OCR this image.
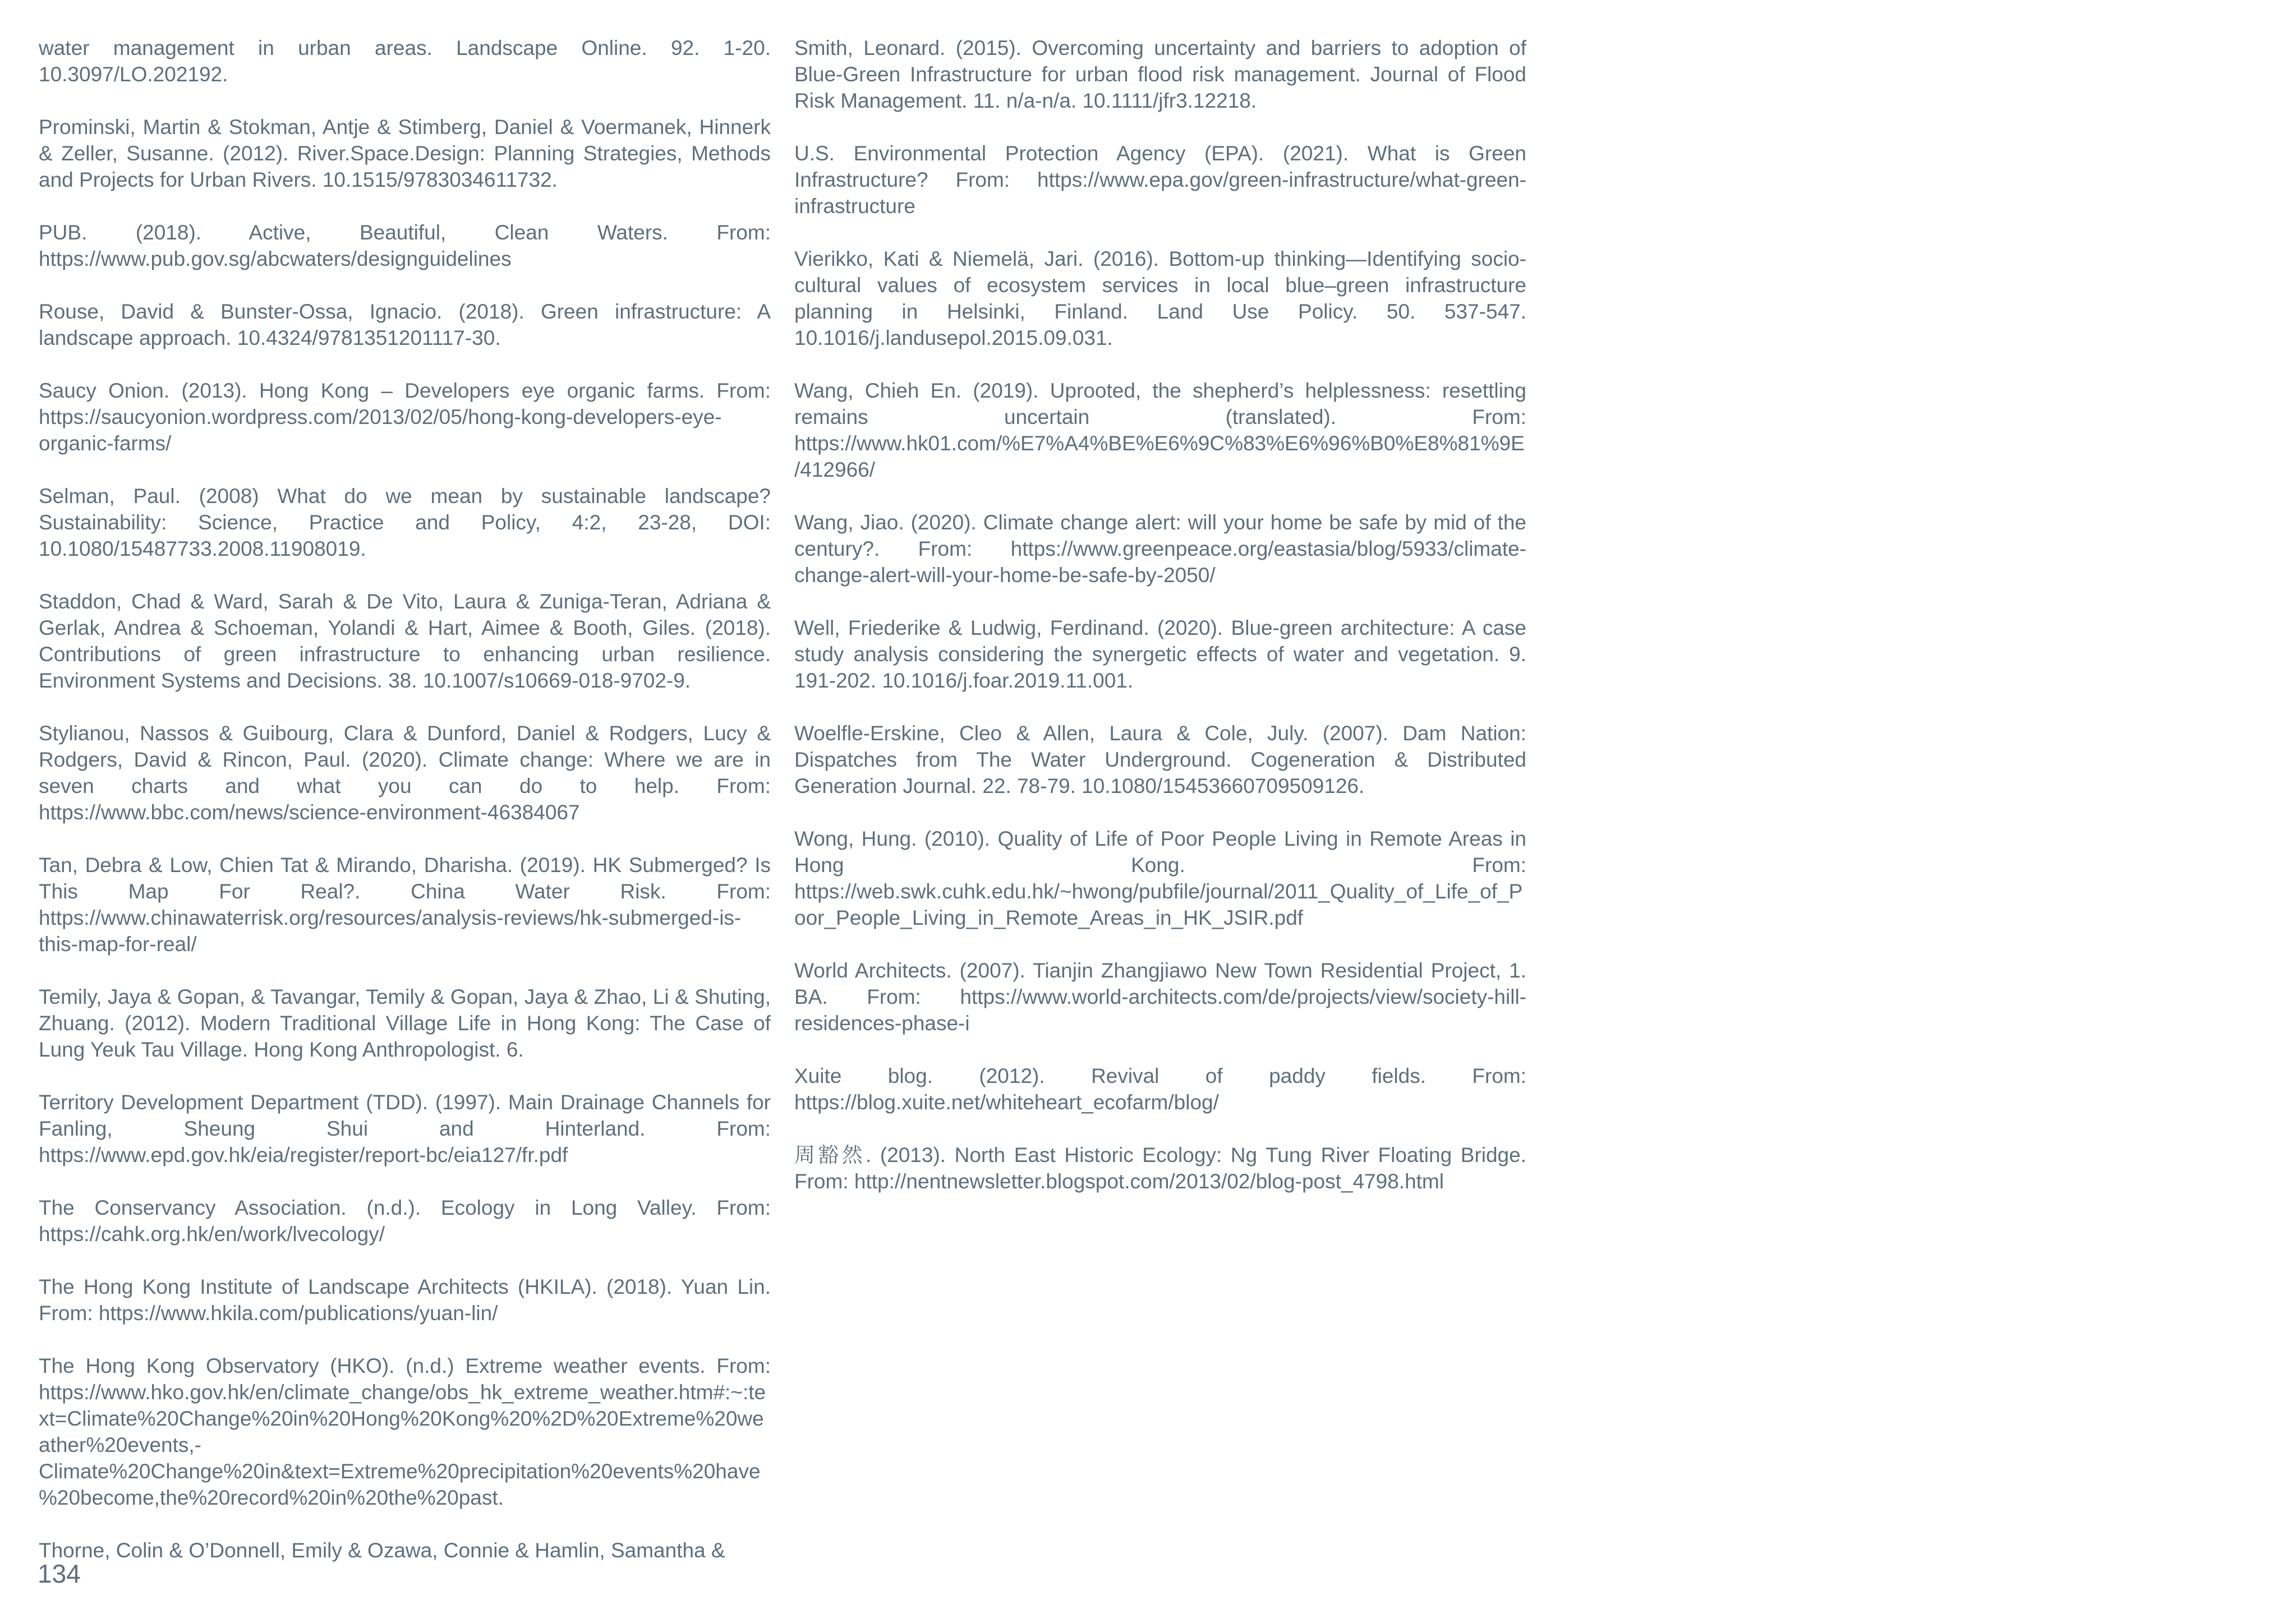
water management in urban areas. Landscape Online. 92. 1-20. 10.3097/LO.202192.

Prominski, Martin & Stokman, Antje & Stimberg, Daniel & Voermanek, Hinnerk & Zeller, Susanne. (2012). River.Space.Design: Planning Strategies, Methods and Projects for Urban Rivers. 10.1515/9783034611732.

PUB. (2018). Active, Beautiful, Clean Waters. From: https://www.pub.gov.sg/abcwaters/designguidelines

Rouse, David & Bunster-Ossa, Ignacio. (2018). Green infrastructure: A landscape approach. 10.4324/9781351201117-30.

Saucy Onion. (2013). Hong Kong – Developers eye organic farms. From: https://saucyonion.wordpress.com/2013/02/05/hong-kong-developers-eye-organic-farms/

Selman, Paul. (2008) What do we mean by sustainable landscape? Sustainability: Science, Practice and Policy, 4:2, 23-28, DOI: 10.1080/15487733.2008.11908019.

Staddon, Chad & Ward, Sarah & De Vito, Laura & Zuniga-Teran, Adriana & Gerlak, Andrea & Schoeman, Yolandi & Hart, Aimee & Booth, Giles. (2018). Contributions of green infrastructure to enhancing urban resilience. Environment Systems and Decisions. 38. 10.1007/s10669-018-9702-9.

Stylianou, Nassos & Guibourg, Clara & Dunford, Daniel & Rodgers, Lucy & Rodgers, David & Rincon, Paul. (2020). Climate change: Where we are in seven charts and what you can do to help. From: https://www.bbc.com/news/science-environment-46384067

Tan, Debra & Low, Chien Tat & Mirando, Dharisha. (2019). HK Submerged? Is This Map For Real?. China Water Risk. From: https://www.chinawaterrisk.org/resources/analysis-reviews/hk-submerged-is-this-map-for-real/

Temily, Jaya & Gopan, & Tavangar, Temily & Gopan, Jaya & Zhao, Li & Shuting, Zhuang. (2012). Modern Traditional Village Life in Hong Kong: The Case of Lung Yeuk Tau Village. Hong Kong Anthropologist. 6.

Territory Development Department (TDD). (1997). Main Drainage Channels for Fanling, Sheung Shui and Hinterland. From: https://www.epd.gov.hk/eia/register/report-bc/eia127/fr.pdf

The Conservancy Association. (n.d.). Ecology in Long Valley. From: https://cahk.org.hk/en/work/lvecology/

The Hong Kong Institute of Landscape Architects (HKILA). (2018). Yuan Lin. From: https://www.hkila.com/publications/yuan-lin/

The Hong Kong Observatory (HKO). (n.d.) Extreme weather events. From: https://www.hko.gov.hk/en/climate_change/obs_hk_extreme_weather.htm#:~:text=Climate%20Change%20in%20Hong%20Kong%20%2D%20Extreme%20weather%20events,-Climate%20Change%20in&text=Extreme%20precipitation%20events%20have%20become,the%20record%20in%20the%20past.

Thorne, Colin & O’Donnell, Emily & Ozawa, Connie & Hamlin, Samantha &

Smith, Leonard. (2015). Overcoming uncertainty and barriers to adoption of Blue-Green Infrastructure for urban flood risk management. Journal of Flood Risk Management. 11. n/a-n/a. 10.1111/jfr3.12218.

U.S. Environmental Protection Agency (EPA). (2021). What is Green Infrastructure? From: https://www.epa.gov/green-infrastructure/what-green-infrastructure

Vierikko, Kati & Niemelä, Jari. (2016). Bottom-up thinking—Identifying socio-cultural values of ecosystem services in local blue–green infrastructure planning in Helsinki, Finland. Land Use Policy. 50. 537-547. 10.1016/j.landusepol.2015.09.031.

Wang, Chieh En. (2019). Uprooted, the shepherd’s helplessness: resettling remains uncertain (translated). From: https://www.hk01.com/%E7%A4%BE%E6%9C%83%E6%96%B0%E8%81%9E/412966/

Wang, Jiao. (2020). Climate change alert: will your home be safe by mid of the century?. From: https://www.greenpeace.org/eastasia/blog/5933/climate-change-alert-will-your-home-be-safe-by-2050/

Well, Friederike & Ludwig, Ferdinand. (2020). Blue-green architecture: A case study analysis considering the synergetic effects of water and vegetation. 9. 191-202. 10.1016/j.foar.2019.11.001.

Woelfle-Erskine, Cleo & Allen, Laura & Cole, July. (2007). Dam Nation: Dispatches from The Water Underground. Cogeneration & Distributed Generation Journal. 22. 78-79. 10.1080/15453660709509126.

Wong, Hung. (2010). Quality of Life of Poor People Living in Remote Areas in Hong Kong. From: https://web.swk.cuhk.edu.hk/~hwong/pubfile/journal/2011_Quality_of_Life_of_Poor_People_Living_in_Remote_Areas_in_HK_JSIR.pdf

World Architects. (2007). Tianjin Zhangjiawo New Town Residential Project, 1. BA. From: https://www.world-architects.com/de/projects/view/society-hill-residences-phase-i

Xuite blog. (2012). Revival of paddy fields. From: https://blog.xuite.net/whiteheart_ecofarm/blog/

周豁然. (2013). North East Historic Ecology: Ng Tung River Floating Bridge. From: http://nentnewsletter.blogspot.com/2013/02/blog-post_4798.html

134
